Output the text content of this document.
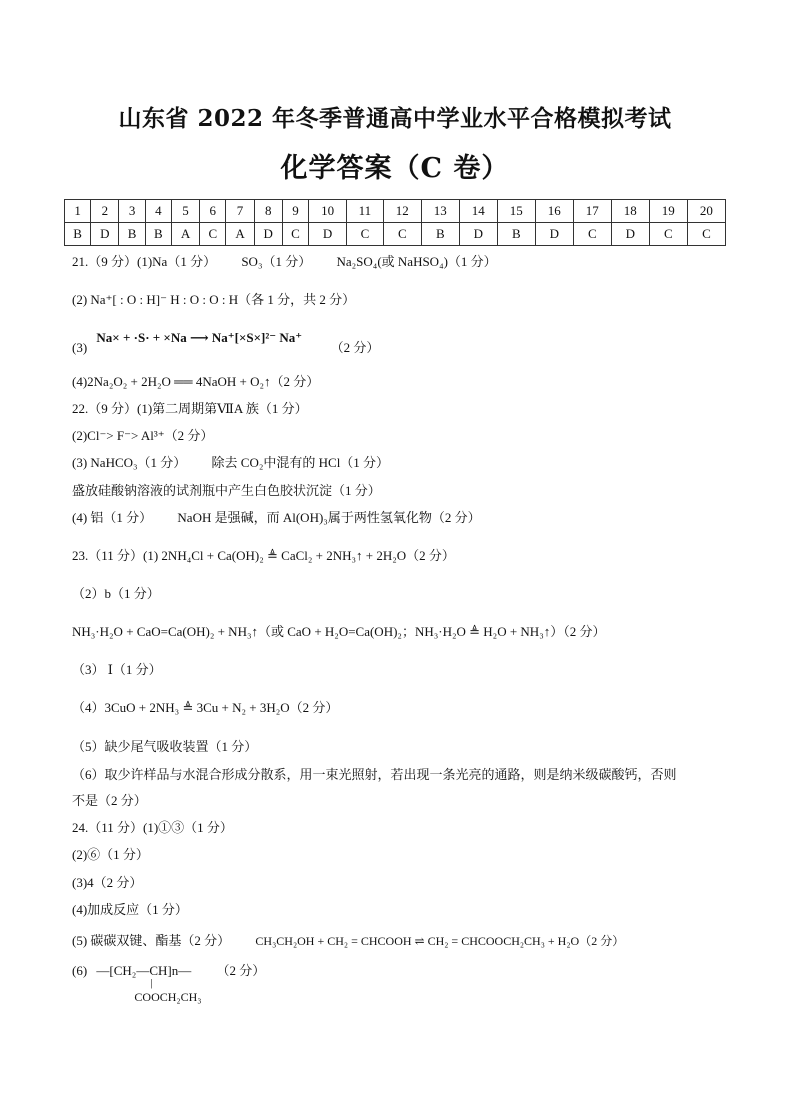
山东省 2022 年冬季普通高中学业水平合格模拟考试
化学答案（C 卷）
1	2	3	4	5	6	7	8	9	10	11	12	13	14	15	16	17	18	19	20
B	D	B	B	A	C	A	D	C	D	C	C	B	D	B	D	C	D	C	C
21.（9 分）(1)Na（1 分） SO₃（1 分） Na₂SO₄(或 NaHSO₄)（1 分）
(2) Na⁺[ : O : H]⁻ H : O : O : H（各 1 分，共 2 分）
(3) Na× + ·S· + ×Na ⟶ Na⁺[×S×]²⁻ Na⁺  （2 分）
(4)2Na₂O₂ + 2H₂O ══ 4NaOH + O₂↑（2 分）
22.（9 分）(1)第二周期第ⅦA 族（1 分）
(2)Cl⁻> F⁻> Al³⁺（2 分）
(3) NaHCO₃（1 分） 除去 CO₂中混有的 HCl（1 分）
盛放硅酸钠溶液的试剂瓶中产生白色胶状沉淀（1 分）
(4) 铝（1 分） NaOH 是强碱，而 Al(OH)₃属于两性氢氧化物（2 分）
23.（11 分）(1) 2NH₄Cl + Ca(OH)₂ ≜ CaCl₂ + 2NH₃↑ + 2H₂O（2 分）
（2）b（1 分）
NH₃·H₂O + CaO=Ca(OH)₂ + NH₃↑（或 CaO + H₂O=Ca(OH)₂；NH₃·H₂O ≜ H₂O + NH₃↑）（2 分）
（3） Ⅰ（1 分）
（4）3CuO + 2NH₃ ≜ 3Cu + N₂ + 3H₂O（2 分）
（5）缺少尾气吸收装置（1 分）
（6）取少许样品与水混合形成分散系，用一束光照射，若出现一条光亮的通路，则是纳米级碳酸钙，否则
不是（2 分）
24.（11 分）(1)①③（1 分）
(2)⑥（1 分）
(3)4（2 分）
(4)加成反应（1 分）
(5) 碳碳双键、酯基（2 分） CH₃CH₂OH + CH₂ = CHCOOH ⇌ CH₂ = CHCOOCH₂CH₃ + H₂O（2 分）
(6) —[CH₂—CH]n—
|
COOCH₂CH₃
（2 分）
